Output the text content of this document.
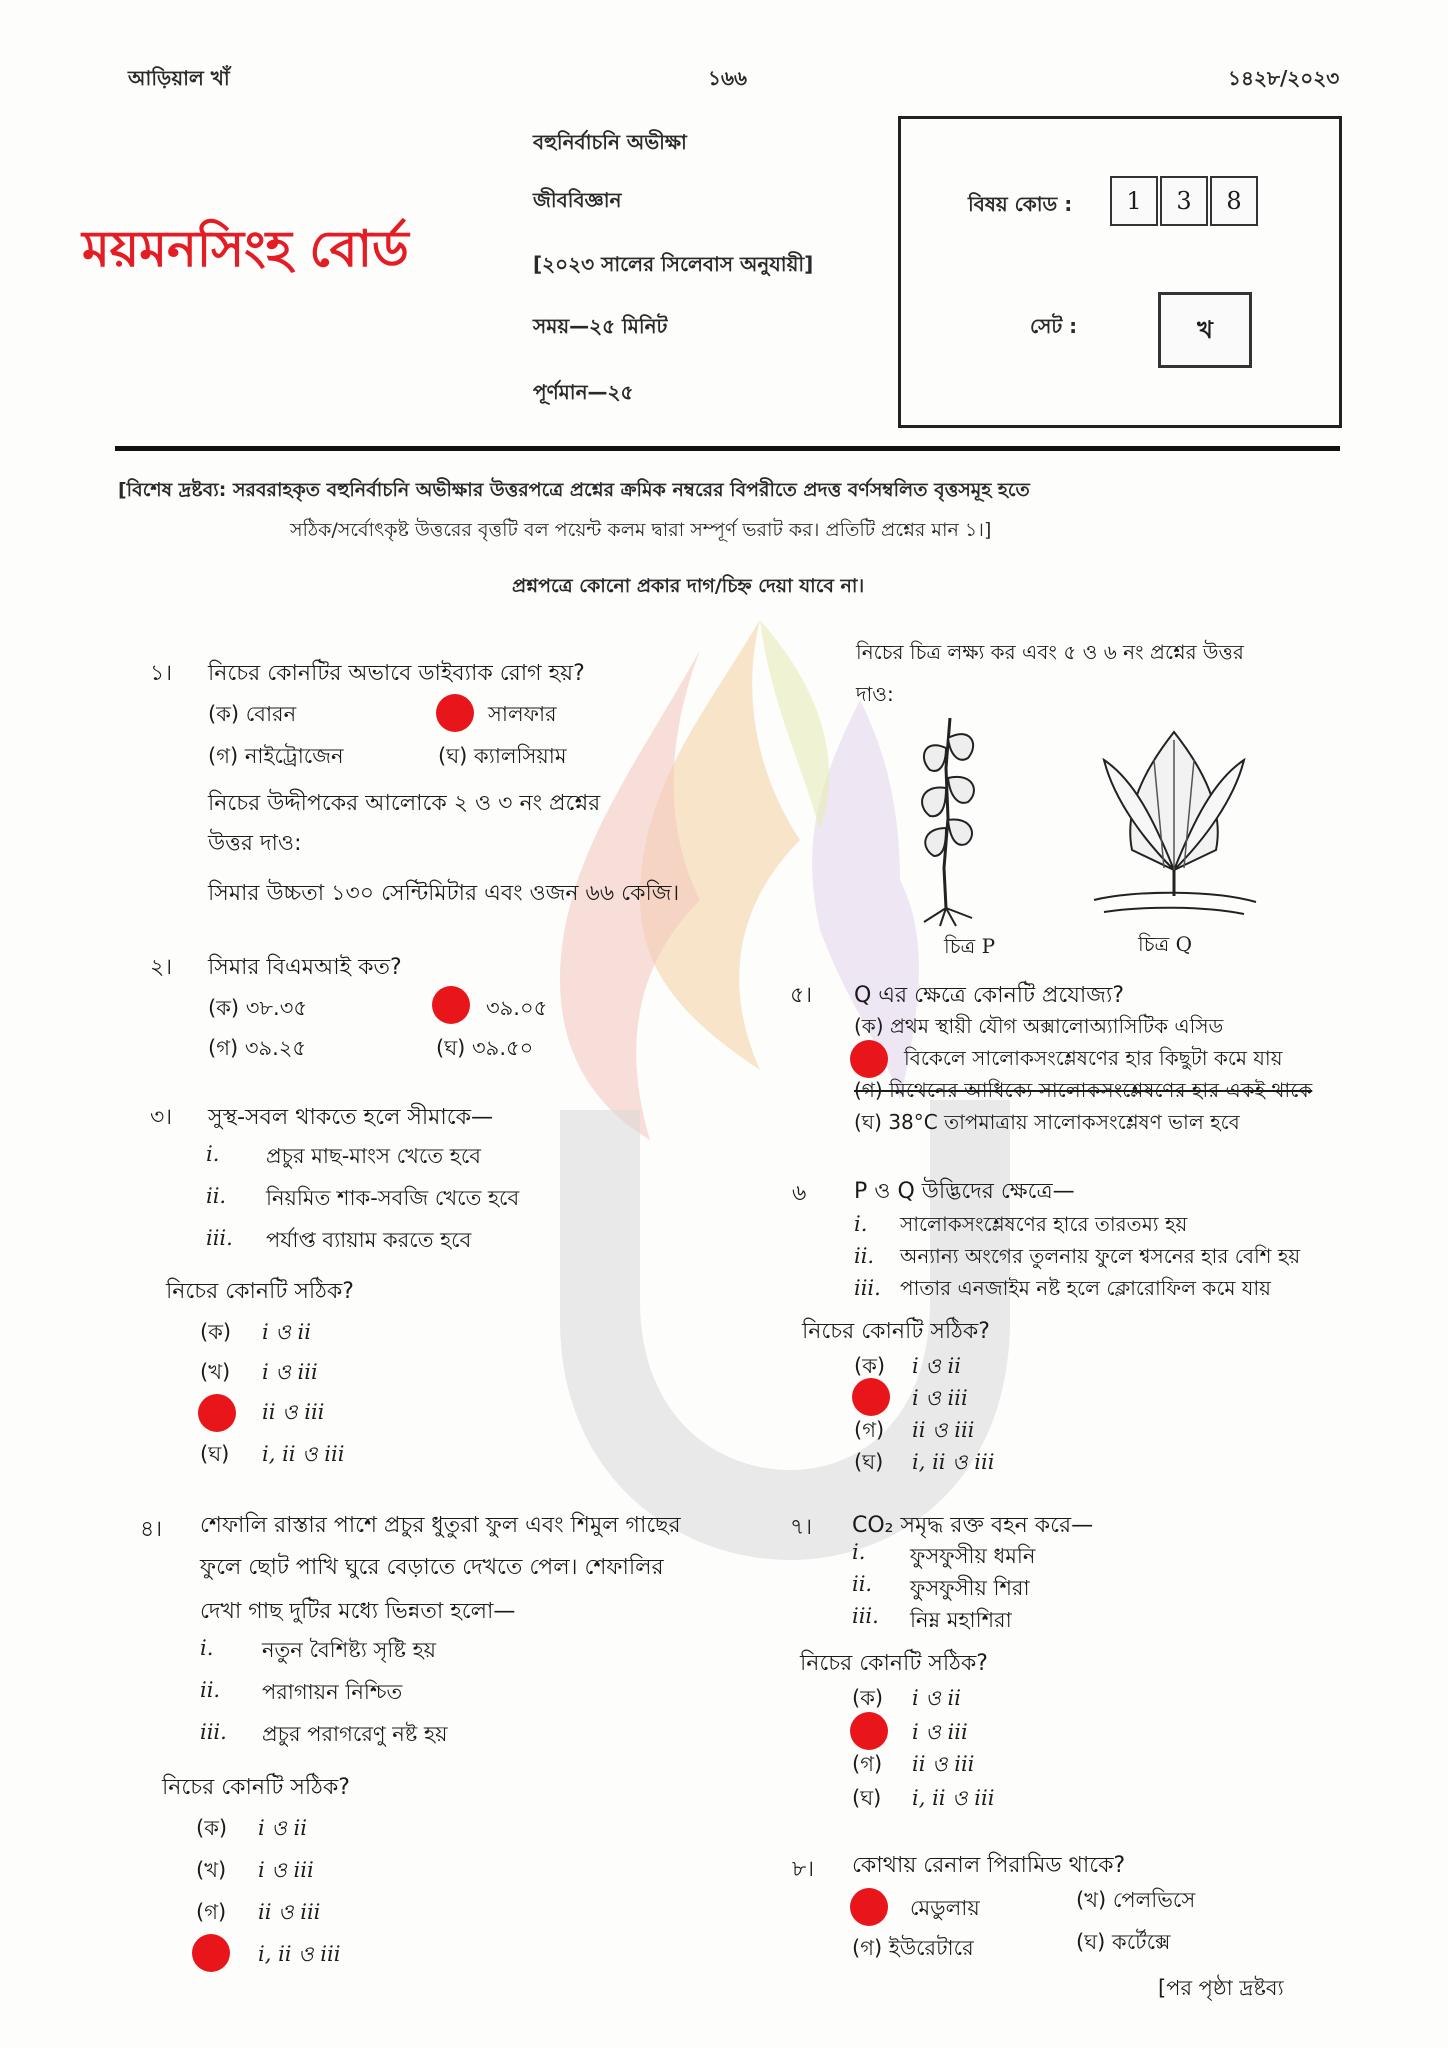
আড়িয়াল খাঁ	১৬৬	১৪২৮/২০২৩
ময়মনসিংহ বোর্ড
বহুনির্বাচনি অভীক্ষা
জীববিজ্ঞান
[২০২৩ সালের সিলেবাস অনুযায়ী]
সময়—২৫ মিনিট
পূর্ণমান—২৫
বিষয় কোড :	1	3	8
সেট :	খ
[বিশেষ দ্রষ্টব্য: সরবরাহকৃত বহুনির্বাচনি অভীক্ষার উত্তরপত্রে প্রশ্নের ক্রমিক নম্বরের বিপরীতে প্রদত্ত বর্ণসম্বলিত বৃত্তসমূহ হতে
সঠিক/সর্বোৎকৃষ্ট উত্তরের বৃত্তটি বল পয়েন্ট কলম দ্বারা সম্পূর্ণ ভরাট কর। প্রতিটি প্রশ্নের মান ১।]
প্রশ্নপত্রে কোনো প্রকার দাগ/চিহ্ন দেয়া যাবে না।
১। নিচের কোনটির অভাবে ডাইব্যাক রোগ হয়?
(ক) বোরন	সালফার
(গ) নাইট্রোজেন	(ঘ) ক্যালসিয়াম
নিচের উদ্দীপকের আলোকে ২ ও ৩ নং প্রশ্নের
উত্তর দাও:
সিমার উচ্চতা ১৩০ সেন্টিমিটার এবং ওজন ৬৬ কেজি।
২। সিমার বিএমআই কত?
(ক) ৩৮.৩৫	৩৯.০৫
(গ) ৩৯.২৫	(ঘ) ৩৯.৫০
৩। সুস্থ-সবল থাকতে হলে সীমাকে—
i. প্রচুর মাছ-মাংস খেতে হবে
ii. নিয়মিত শাক-সবজি খেতে হবে
iii. পর্যাপ্ত ব্যায়াম করতে হবে
নিচের কোনটি সঠিক?
(ক) i ও ii
(খ) i ও iii
ii ও iii
(ঘ) i, ii ও iii
৪। শেফালি রাস্তার পাশে প্রচুর ধুতুরা ফুল এবং শিমুল গাছের
ফুলে ছোট পাখি ঘুরে বেড়াতে দেখতে পেল। শেফালির
দেখা গাছ দুটির মধ্যে ভিন্নতা হলো—
i. নতুন বৈশিষ্ট্য সৃষ্টি হয়
ii. পরাগায়ন নিশ্চিত
iii. প্রচুর পরাগরেণু নষ্ট হয়
নিচের কোনটি সঠিক?
(ক) i ও ii
(খ) i ও iii
(গ) ii ও iii
i, ii ও iii
নিচের চিত্র লক্ষ্য কর এবং ৫ ও ৬ নং প্রশ্নের উত্তর
দাও:
চিত্র P	চিত্র Q
৫। Q এর ক্ষেত্রে কোনটি প্রযোজ্য?
(ক) প্রথম স্থায়ী যৌগ অক্সালোঅ্যাসিটিক এসিড
বিকেলে সালোকসংশ্লেষণের হার কিছুটা কমে যায়
(গ) মিথেনের আধিক্যে সালোকসংশ্লেষণের হার একই থাকে
(ঘ) 38°C তাপমাত্রায় সালোকসংশ্লেষণ ভাল হবে
৬ P ও Q উদ্ভিদের ক্ষেত্রে—
i. সালোকসংশ্লেষণের হারে তারতম্য হয়
ii. অন্যান্য অংগের তুলনায় ফুলে শ্বসনের হার বেশি হয়
iii. পাতার এনজাইম নষ্ট হলে ক্লোরোফিল কমে যায়
নিচের কোনটি সঠিক?
(ক) i ও ii
i ও iii
(গ) ii ও iii
(ঘ) i, ii ও iii
৭। CO₂ সমৃদ্ধ রক্ত বহন করে—
i. ফুসফুসীয় ধমনি
ii. ফুসফুসীয় শিরা
iii. নিম্ন মহাশিরা
নিচের কোনটি সঠিক?
(ক) i ও ii
i ও iii
(গ) ii ও iii
(ঘ) i, ii ও iii
৮। কোথায় রেনাল পিরামিড থাকে?
মেডুলায়	(খ) পেলভিসে
(গ) ইউরেটারে	(ঘ) কর্টেক্সে
[পর পৃষ্ঠা দ্রষ্টব্য
